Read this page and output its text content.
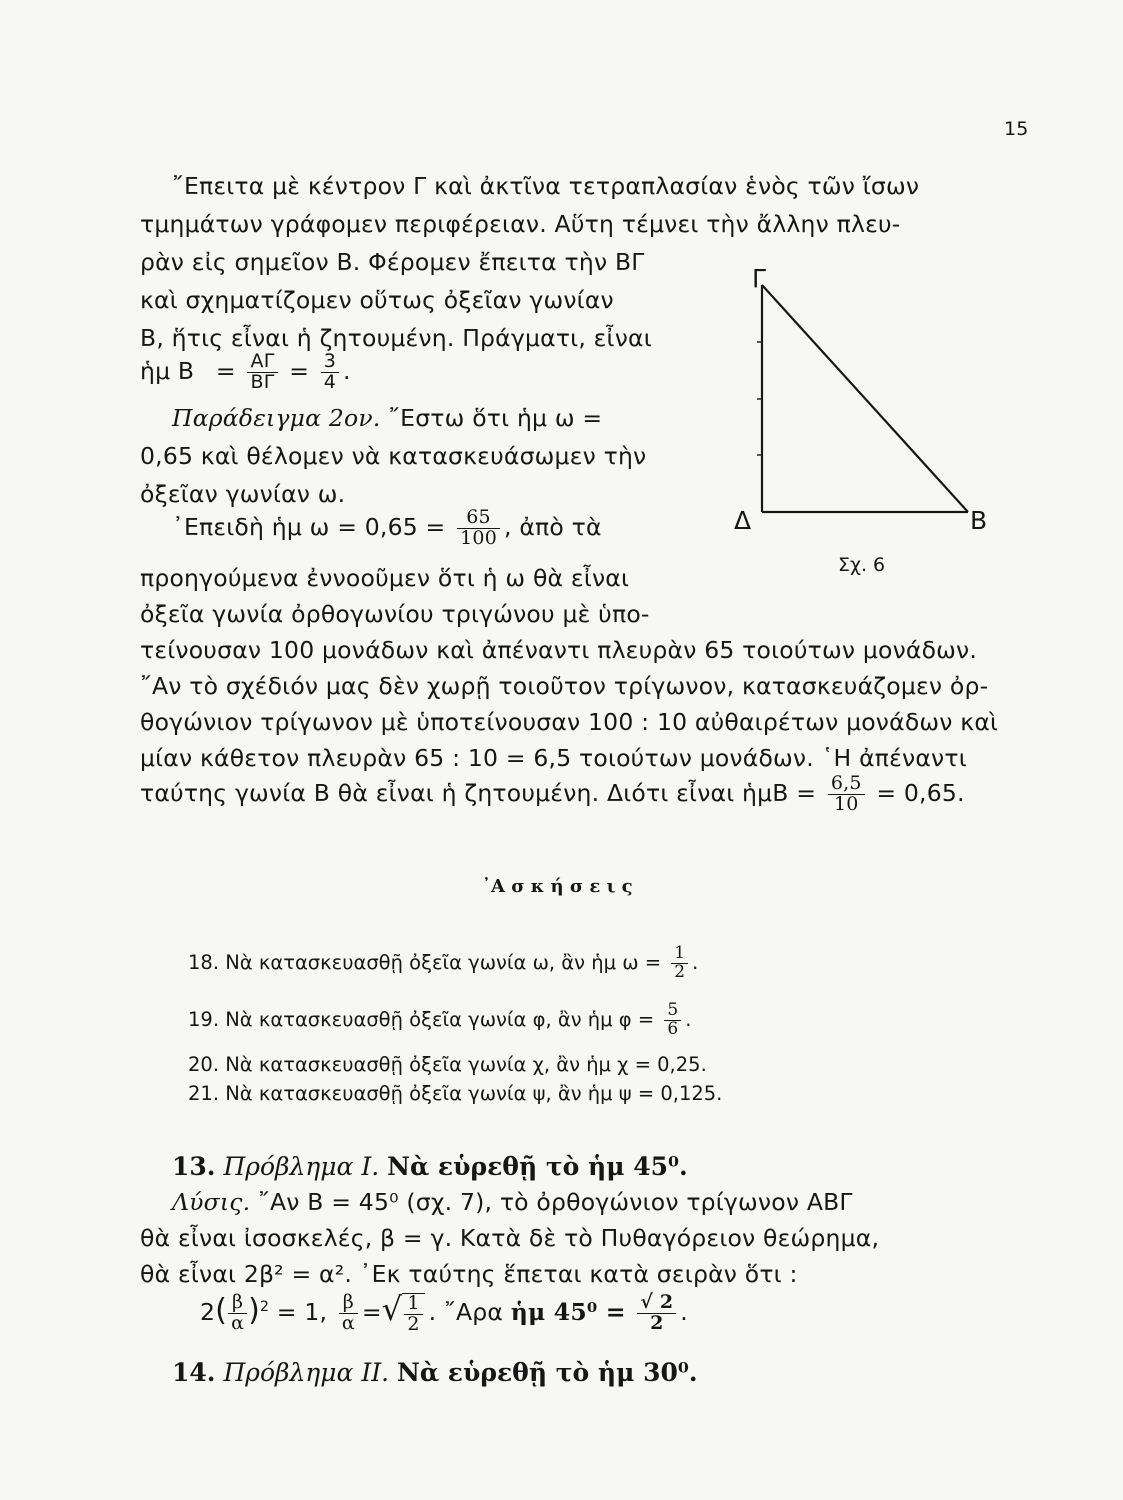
15
῎Επειτα μὲ κέντρον Γ καὶ ἀκτῖνα τετραπλασίαν ἑνὸς τῶν ἴσων
τμημάτων γράφομεν περιφέρειαν. Αὕτη τέμνει τὴν ἄλλην πλευ-
ρὰν εἰς σημεῖον Β. Φέρομεν ἔπειτα τὴν ΒΓ
καὶ σχηματίζομεν οὕτως ὀξεῖαν γωνίαν
Β, ἥτις εἶναι ἡ ζητουμένη. Πράγματι, εἶναι
ἡμ $B = \frac{A\Gamma}{B\Gamma} = \frac{3}{4}$ .
Παράδειγμα 2ον. ῎Εστω ὅτι ἡμ ω =
0,65 καὶ θέλομεν νὰ κατασκευάσωμεν τὴν
ὀξεῖαν γωνίαν ω.
᾿Επειδὴ ἡμ $\omega = 0,65 = \frac{65}{100}$ , ἀπὸ τὰ
προηγούμενα ἐννοοῦμεν ὅτι ἡ ω θὰ εἶναι
ὀξεῖα γωνία ὀρθογωνίου τριγώνου μὲ ὑπο-
τείνουσαν 100 μονάδων καὶ ἀπέναντι πλευρὰν 65 τοιούτων μονάδων.
῎Αν τὸ σχέδιόν μας δὲν χωρῇ τοιοῦτον τρίγωνον, κατασκευάζομεν ὀρ-
θογώνιον τρίγωνον μὲ ὑποτείνουσαν 100 : 10 αὐθαιρέτων μονάδων καὶ
μίαν κάθετον πλευρὰν 65 : 10 = 6,5 τοιούτων μονάδων. ῾Η ἀπέναντι
ταύτης γωνία Β θὰ εἶναι ἡ ζητουμένη. Διότι εἶναι ἡμΒ = $\frac{6,5}{10} = 0,65$.
Γ
Δ	Β
Σχ. 6
᾿Α σ κ ή σ ε ι ς
18. Νὰ κατασκευασθῇ ὀξεῖα γωνία ω, ἂν ἡμ $\omega = \frac{1}{2}$ .
19. Νὰ κατασκευασθῇ ὀξεῖα γωνία φ, ἂν ἡμ $\varphi = \frac{5}{6}$ .
20. Νὰ κατασκευασθῇ ὀξεῖα γωνία χ, ἂν ἡμ χ = 0,25.
21. Νὰ κατασκευασθῇ ὀξεῖα γωνία ψ, ἂν ἡμ ψ = 0,125.
13. Πρόβλημα Ι. Νὰ εὑρεθῇ τὸ ἡμ 45⁰.
Λύσις. ῎Αν Β = 45⁰ (σχ. 7), τὸ ὀρθογώνιον τρίγωνον ΑΒΓ
θὰ εἶναι ἰσοσκελές, β = γ. Κατὰ δὲ τὸ Πυθαγόρειον θεώρημα,
θὰ εἶναι 2β² = α². ᾿Εκ ταύτης ἕπεται κατὰ σειρὰν ὅτι :
$2( \frac{\beta}{\alpha} )^2 = 1$, $\frac{\beta}{\alpha}$ =√ $\frac{1}{2}$ . ῎Αρα ἡμ $45^0 = \frac{√ 2}{2}$ .
14. Πρόβλημα ΙΙ. Νὰ εὑρεθῇ τὸ ἡμ 30⁰.
